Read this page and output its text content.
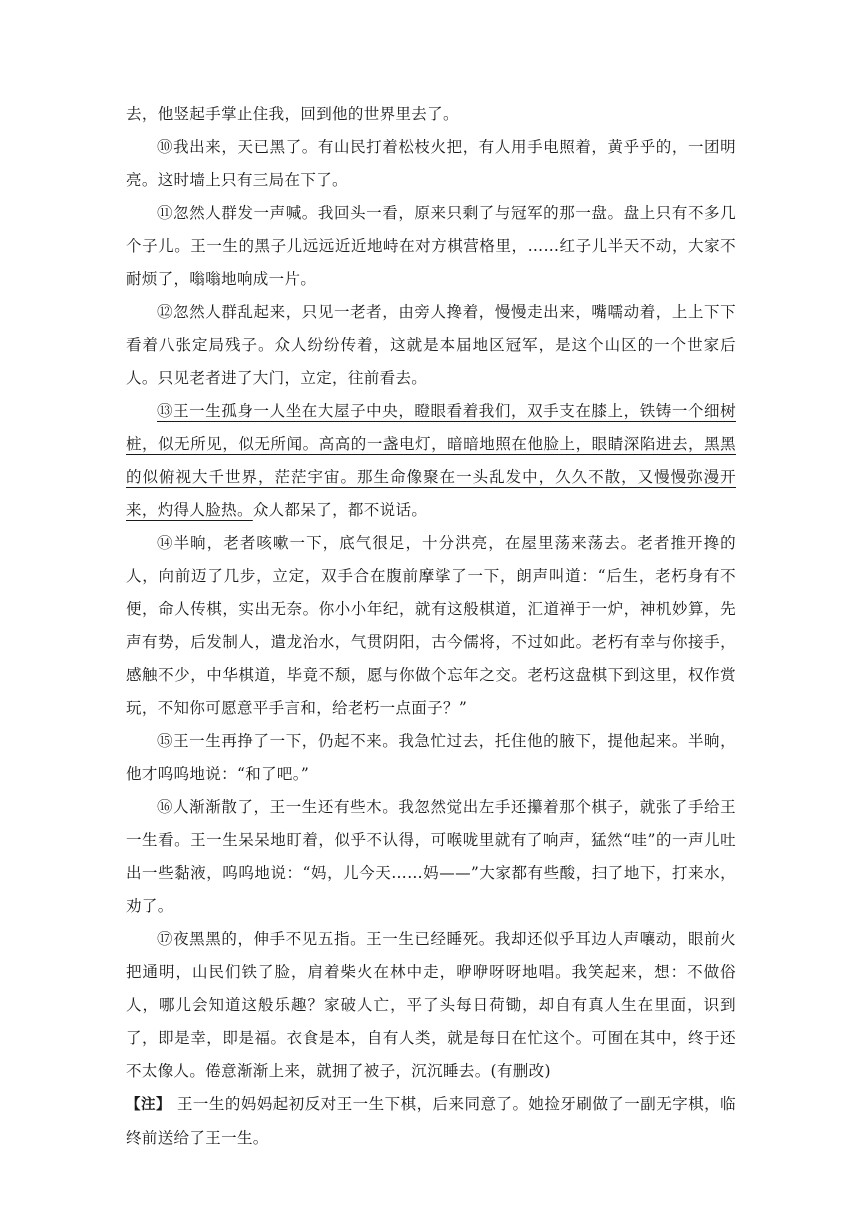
去，他竖起手掌止住我，回到他的世界里去了。

⑩我出来，天已黑了。有山民打着松枝火把，有人用手电照着，黄乎乎的，一团明亮。这时墙上只有三局在下了。

⑪忽然人群发一声喊。我回头一看，原来只剩了与冠军的那一盘。盘上只有不多几个子儿。王一生的黑子儿远远近近地峙在对方棋营格里，……红子儿半天不动，大家不耐烦了，嗡嗡地响成一片。

⑫忽然人群乱起来，只见一老者，由旁人搀着，慢慢走出来，嘴嚅动着，上上下下看着八张定局残子。众人纷纷传着，这就是本届地区冠军，是这个山区的一个世家后人。只见老者进了大门，立定，往前看去。

⑬王一生孤身一人坐在大屋子中央，瞪眼看着我们，双手支在膝上，铁铸一个细树桩，似无所见，似无所闻。高高的一盏电灯，暗暗地照在他脸上，眼睛深陷进去，黑黑的似俯视大千世界，茫茫宇宙。那生命像聚在一头乱发中，久久不散，又慢慢弥漫开来，灼得人脸热。众人都呆了，都不说话。

⑭半晌，老者咳嗽一下，底气很足，十分洪亮，在屋里荡来荡去。老者推开搀的人，向前迈了几步，立定，双手合在腹前摩挲了一下，朗声叫道：“后生，老朽身有不便，命人传棋，实出无奈。你小小年纪，就有这般棋道，汇道禅于一炉，神机妙算，先声有势，后发制人，遣龙治水，气贯阴阳，古今儒将，不过如此。老朽有幸与你接手，感触不少，中华棋道，毕竟不颓，愿与你做个忘年之交。老朽这盘棋下到这里，权作赏玩，不知你可愿意平手言和，给老朽一点面子？”

⑮王一生再挣了一下，仍起不来。我急忙过去，托住他的腋下，提他起来。半晌，他才呜呜地说：“和了吧。”

⑯人渐渐散了，王一生还有些木。我忽然觉出左手还攥着那个棋子，就张了手给王一生看。王一生呆呆地盯着，似乎不认得，可喉咙里就有了响声，猛然“哇”的一声儿吐出一些黏液，呜呜地说：“妈，儿今天……妈——”大家都有些酸，扫了地下，打来水，劝了。

⑰夜黑黑的，伸手不见五指。王一生已经睡死。我却还似乎耳边人声嚷动，眼前火把通明，山民们铁了脸，肩着柴火在林中走，咿咿呀呀地唱。我笑起来，想：不做俗人，哪儿会知道这般乐趣？家破人亡，平了头每日荷锄，却自有真人生在里面，识到了，即是幸，即是福。衣食是本，自有人类，就是每日在忙这个。可囿在其中，终于还不太像人。倦意渐渐上来，就拥了被子，沉沉睡去。(有删改)

【注】 王一生的妈妈起初反对王一生下棋，后来同意了。她捡牙刷做了一副无字棋，临终前送给了王一生。
